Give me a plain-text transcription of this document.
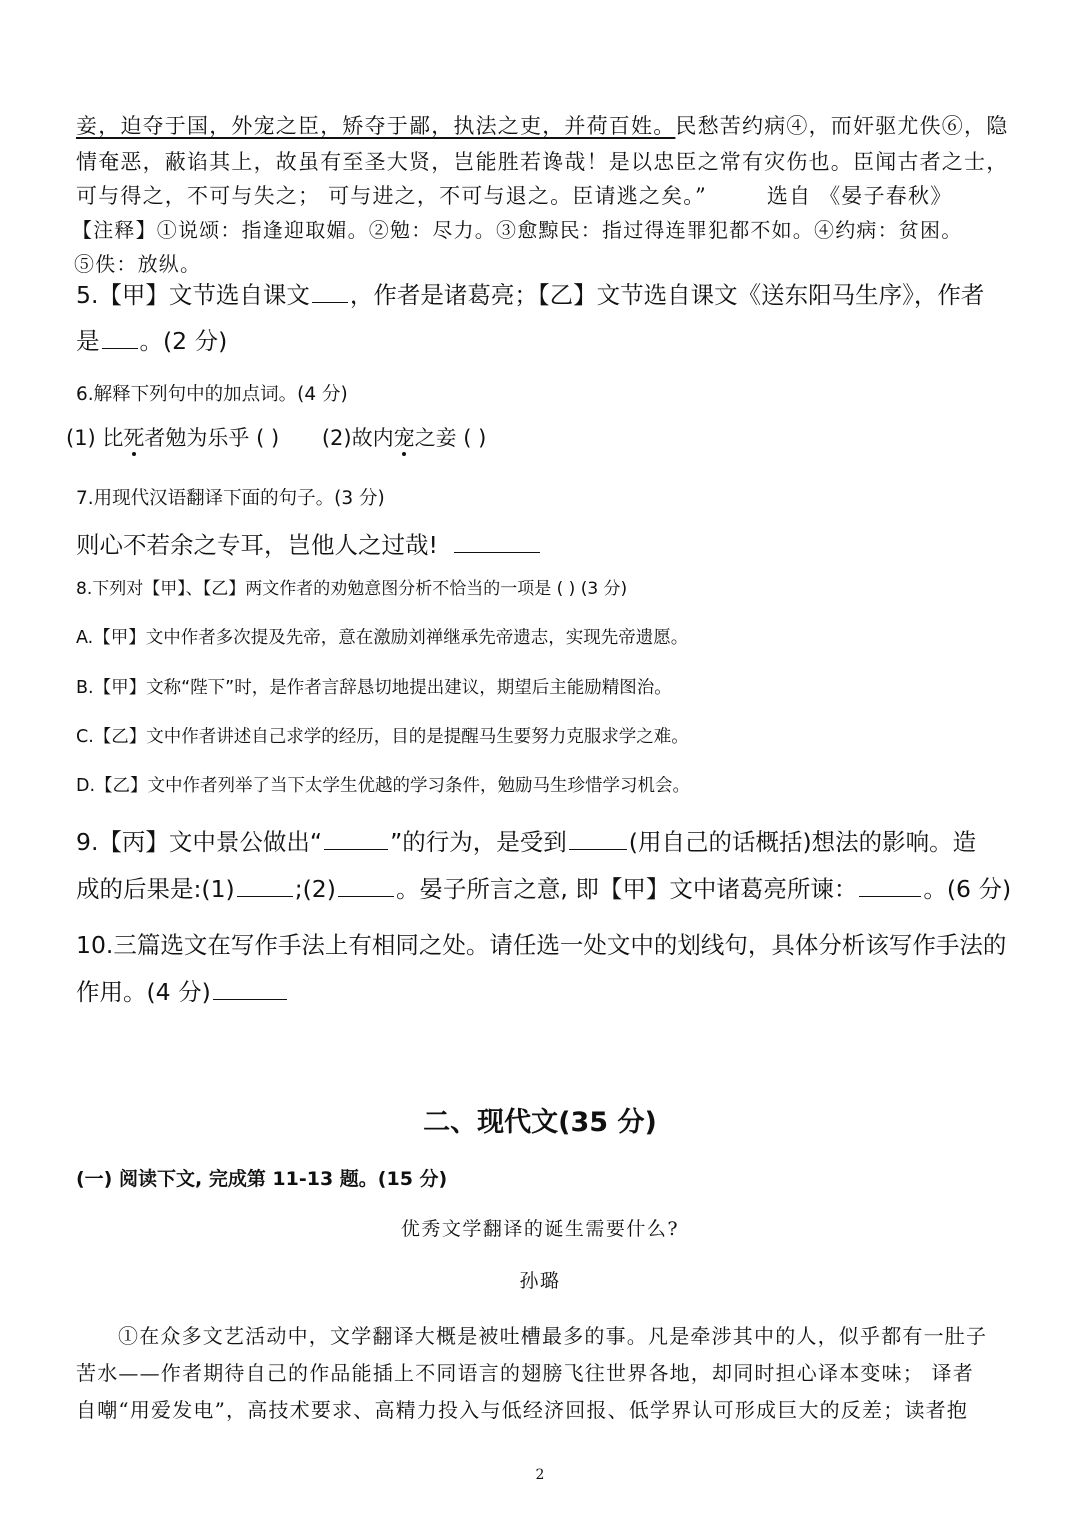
妾，迫夺于国，外宠之臣，矫夺于鄙，执法之吏，并荷百姓。民愁苦约病④，而奸驱尤佚⑥，隐
情奄恶，蔽谄其上，故虽有至圣大贤，岂能胜若谗哉！是以忠臣之常有灾伤也。臣闻古者之士，
可与得之，不可与失之； 可与进之，不可与退之。臣请逃之矣。”	选自 《晏子春秋》
【注释】①说颂：指逢迎取媚。②勉：尽力。③愈黥民：指过得连罪犯都不如。④约病：贫困。
⑤佚：放纵。
5.【甲】文节选自课文 ，作者是诸葛亮；【乙】文节选自课文《送东阳马生序》，作者
是 。(2 分)
6.解释下列句中的加点词。(4 分)
(1) 比死者勉为乐乎 ( ) (2)故内宠之妾 ( )
7.用现代汉语翻译下面的句子。(3 分)
则心不若余之专耳，岂他人之过哉!
8.下列对【甲】、【乙】两文作者的劝勉意图分析不恰当的一项是 ( ) (3 分)
A.【甲】文中作者多次提及先帝，意在激励刘禅继承先帝遗志，实现先帝遗愿。
B.【甲】文称“陛下”时，是作者言辞恳切地提出建议，期望后主能励精图治。
C.【乙】文中作者讲述自己求学的经历，目的是提醒马生要努力克服求学之难。
D.【乙】文中作者列举了当下太学生优越的学习条件，勉励马生珍惜学习机会。
9.【丙】文中景公做出“	”的行为，是受到	(用自己的话概括)想法的影响。造
成的后果是:(1)	;(2)	。晏子所言之意, 即【甲】文中诸葛亮所谏：	。(6 分)
10.三篇选文在写作手法上有相同之处。请任选一处文中的划线句，具体分析该写作手法的
作用。(4 分)
二、现代文(35 分)
(一) 阅读下文, 完成第 11-13 题。(15 分)
优秀文学翻译的诞生需要什么?
孙璐
①在众多文艺活动中，文学翻译大概是被吐槽最多的事。凡是牵涉其中的人，似乎都有一肚子
苦水——作者期待自己的作品能插上不同语言的翅膀飞往世界各地，却同时担心译本变味； 译者
自嘲“用爱发电”，高技术要求、高精力投入与低经济回报、低学界认可形成巨大的反差；读者抱
2
